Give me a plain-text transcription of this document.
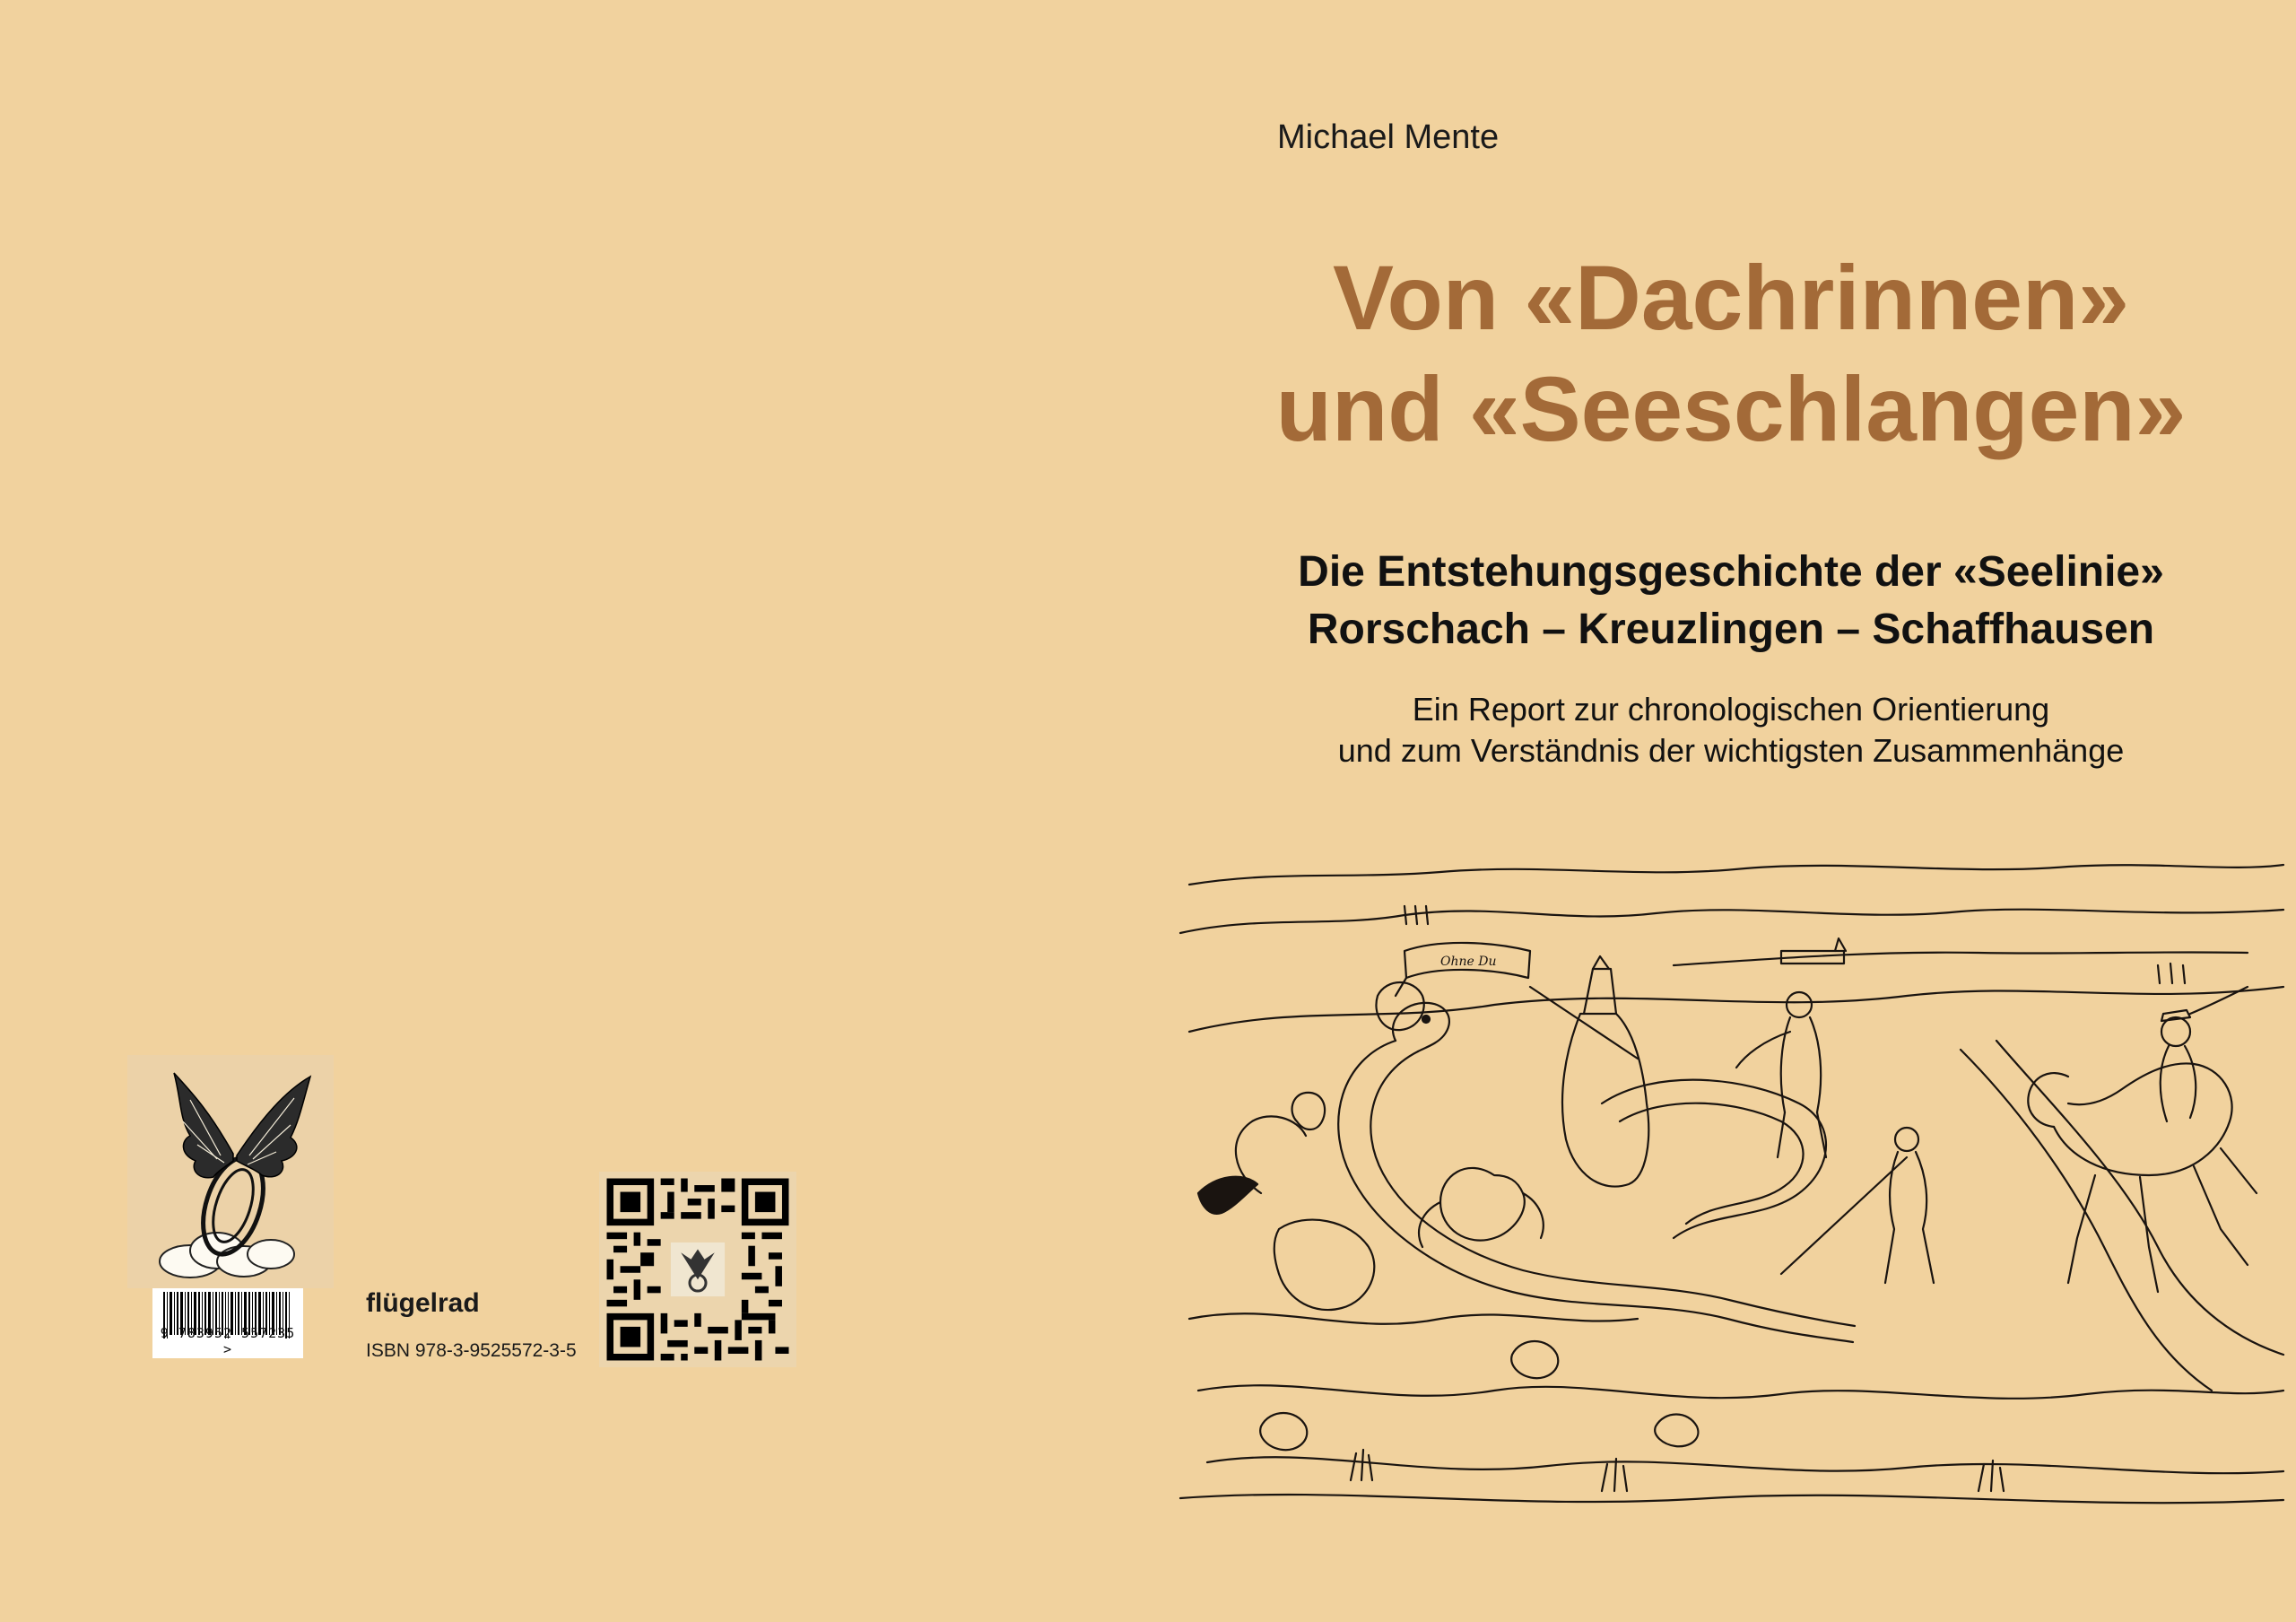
9 783952 557235 >

flügelrad

ISBN 978-3-9525572-3-5

Michael Mente

Von «Dachrinnen»
und «Seeschlangen»
Die Entstehungsgeschichte der «Seelinie»
Rorschach – Kreuzlingen – Schaffhausen

Ein Report zur chronologischen Orientierung
und zum Verständnis der wichtigsten Zusammenhänge

Ohne Du
